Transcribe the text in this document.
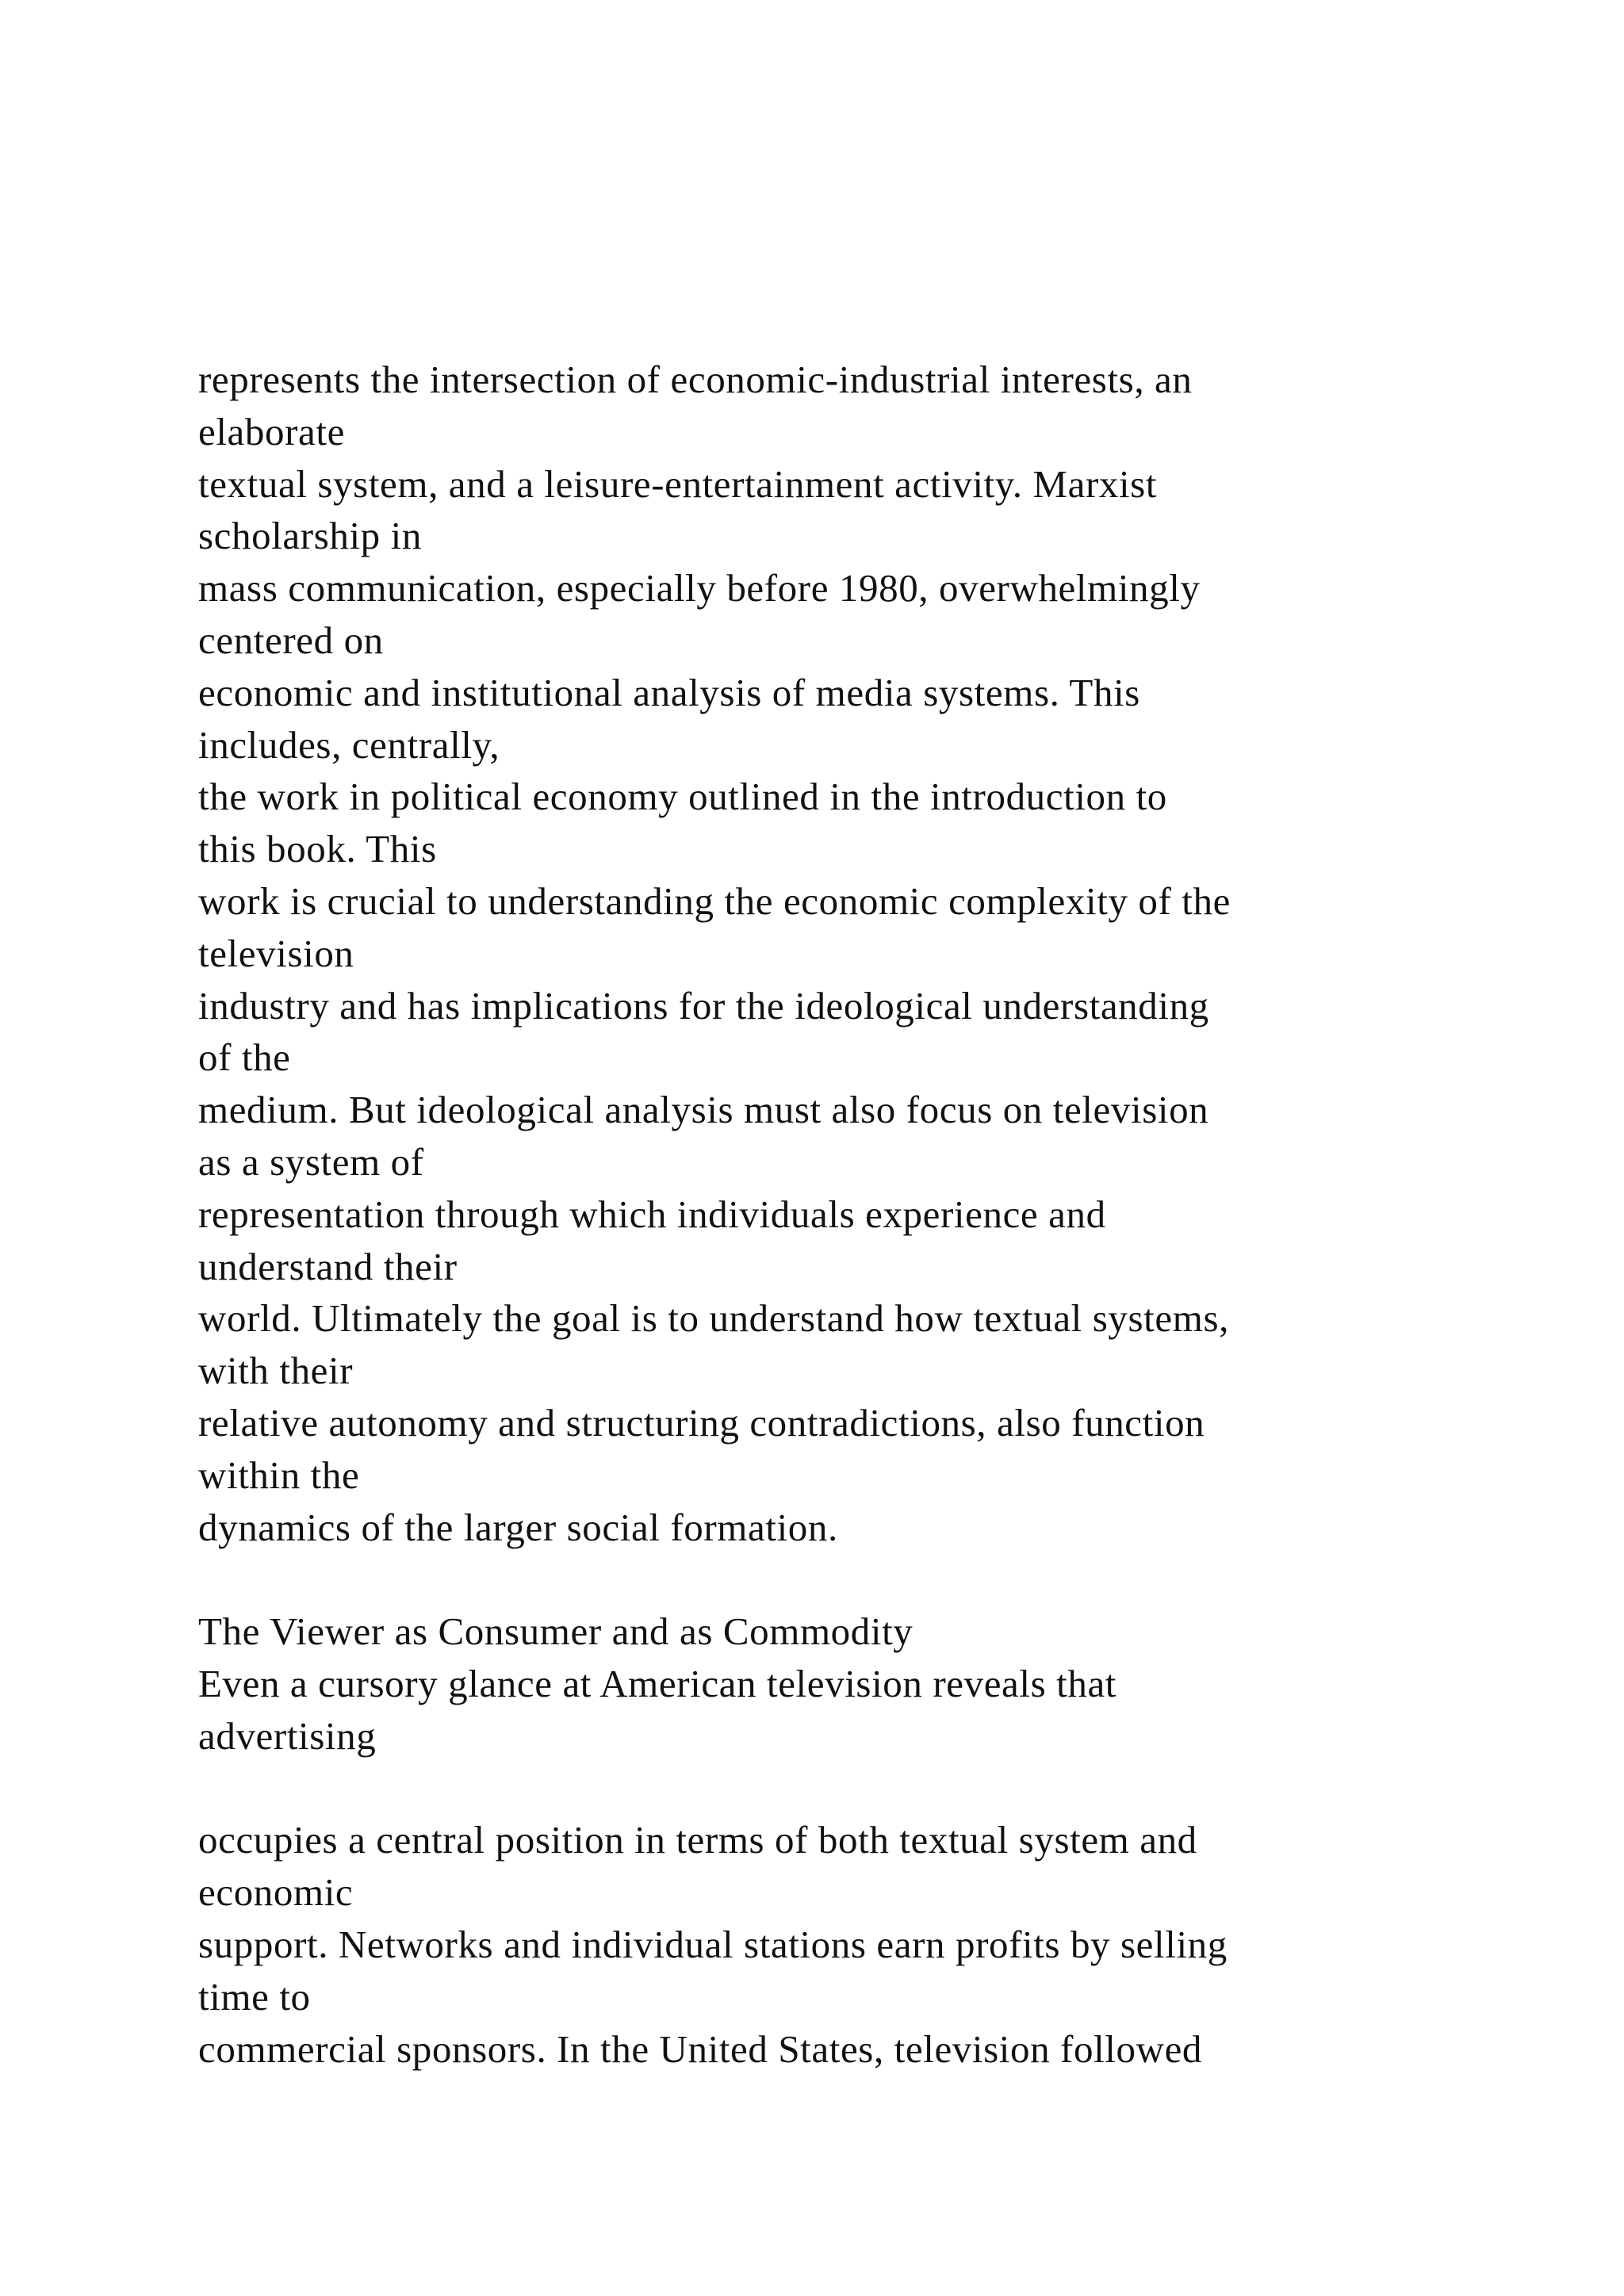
represents the intersection of economic-industrial interests, an
elaborate
textual system, and a leisure-entertainment activity. Marxist
scholarship in
mass communication, especially before 1980, overwhelmingly
centered on
economic and institutional analysis of media systems. This
includes, centrally,
the work in political economy outlined in the introduction to
this book. This
work is crucial to understanding the economic complexity of the
television
industry and has implications for the ideological understanding
of the
medium. But ideological analysis must also focus on television
as a system of
representation through which individuals experience and
understand their
world. Ultimately the goal is to understand how textual systems,
with their
relative autonomy and structuring contradictions, also function
within the
dynamics of the larger social formation.
The Viewer as Consumer and as Commodity
Even a cursory glance at American television reveals that
advertising
occupies a central position in terms of both textual system and
economic
support. Networks and individual stations earn profits by selling
time to
commercial sponsors. In the United States, television followed
